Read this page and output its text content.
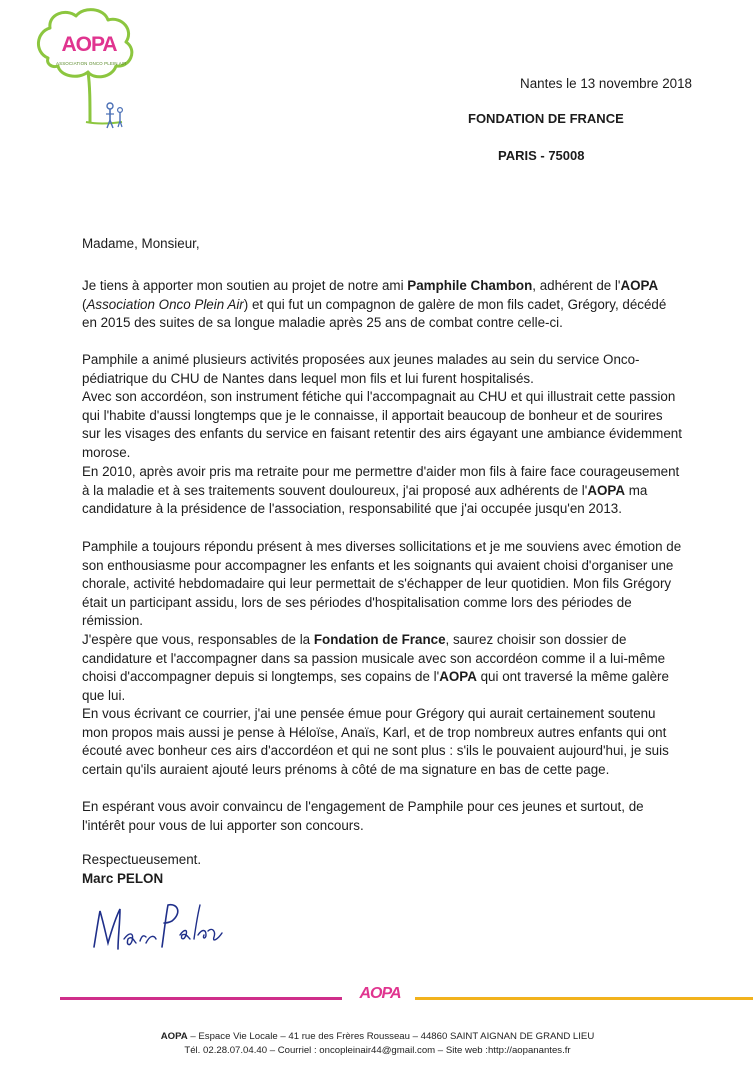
AOPA
ASSOCIATION ONCO PLEIN AIR
Nantes le 13 novembre 2018
FONDATION DE FRANCE
PARIS - 75008
Madame, Monsieur,

Je tiens à apporter mon soutien au projet de notre ami Pamphile Chambon, adhérent de l'AOPA
(Association Onco Plein Air) et qui fut un compagnon de galère de mon fils cadet, Grégory, décédé en 2015 des suites de sa longue maladie après 25 ans de combat contre celle-ci.

Pamphile a animé plusieurs activités proposées aux jeunes malades au sein du service Onco-pédiatrique du CHU de Nantes dans lequel mon fils et lui furent hospitalisés.
Avec son accordéon, son instrument fétiche qui l'accompagnait au CHU et qui illustrait cette passion qui l'habite d'aussi longtemps que je le connaisse, il apportait beaucoup de bonheur et de sourires sur les visages des enfants du service en faisant retentir des airs égayant une ambiance évidemment morose.

En 2010, après avoir pris ma retraite pour me permettre d'aider mon fils à faire face courageusement à la maladie et à ses traitements souvent douloureux, j'ai proposé aux adhérents de l'AOPA ma candidature à la présidence de l'association, responsabilité que j'ai occupée jusqu'en 2013.

Pamphile a toujours répondu présent à mes diverses sollicitations et je me souviens avec émotion de son enthousiasme pour accompagner les enfants et les soignants qui avaient choisi d'organiser une chorale, activité hebdomadaire qui leur permettait de s'échapper de leur quotidien. Mon fils Grégory était un participant assidu, lors de ses périodes d'hospitalisation comme lors des périodes de rémission.

J'espère que vous, responsables de la Fondation de France, saurez choisir son dossier de candidature et l'accompagner dans sa passion musicale avec son accordéon comme il a lui-même choisi d'accompagner depuis si longtemps, ses copains de l'AOPA qui ont traversé la même galère que lui.

En vous écrivant ce courrier, j'ai une pensée émue pour Grégory qui aurait certainement soutenu mon propos mais aussi je pense à Héloïse, Anaïs, Karl, et de trop nombreux autres enfants qui ont écouté avec bonheur ces airs d'accordéon et qui ne sont plus : s'ils le pouvaient aujourd'hui, je suis certain qu'ils auraient ajouté leurs prénoms à côté de ma signature en bas de cette page.

En espérant vous avoir convaincu de l'engagement de Pamphile pour ces jeunes et surtout, de l'intérêt pour vous de lui apporter son concours.

Respectueusement.
Marc PELON
AOPA
AOPA – Espace Vie Locale – 41 rue des Frères Rousseau – 44860 SAINT AIGNAN DE GRAND LIEU
Tél. 02.28.07.04.40 – Courriel : oncopleinair44@gmail.com – Site web :http://aopanantes.fr
